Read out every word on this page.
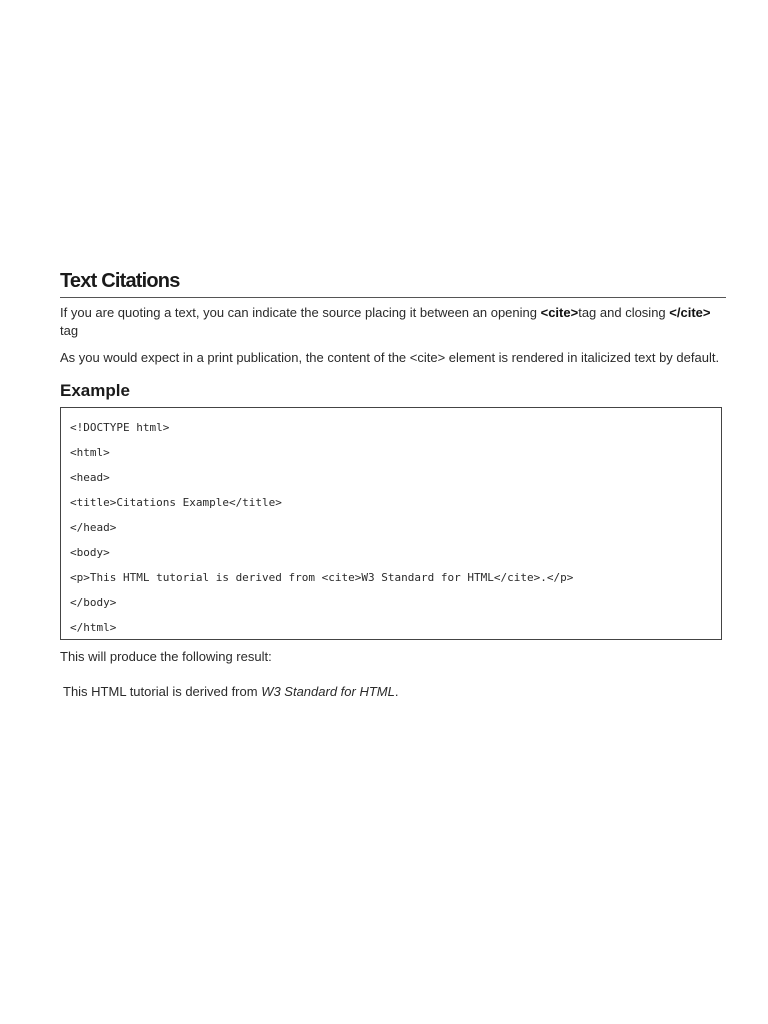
Text Citations

If you are quoting a text, you can indicate the source placing it between an opening <cite>tag and closing </cite> tag

As you would expect in a print publication, the content of the <cite> element is rendered in italicized text by default.

Example
<!DOCTYPE html>
<html>
<head>
<title>Citations Example</title>
</head>
<body>
<p>This HTML tutorial is derived from <cite>W3 Standard for HTML</cite>.</p>
</body>
</html>

This will produce the following result:

This HTML tutorial is derived from W3 Standard for HTML.
